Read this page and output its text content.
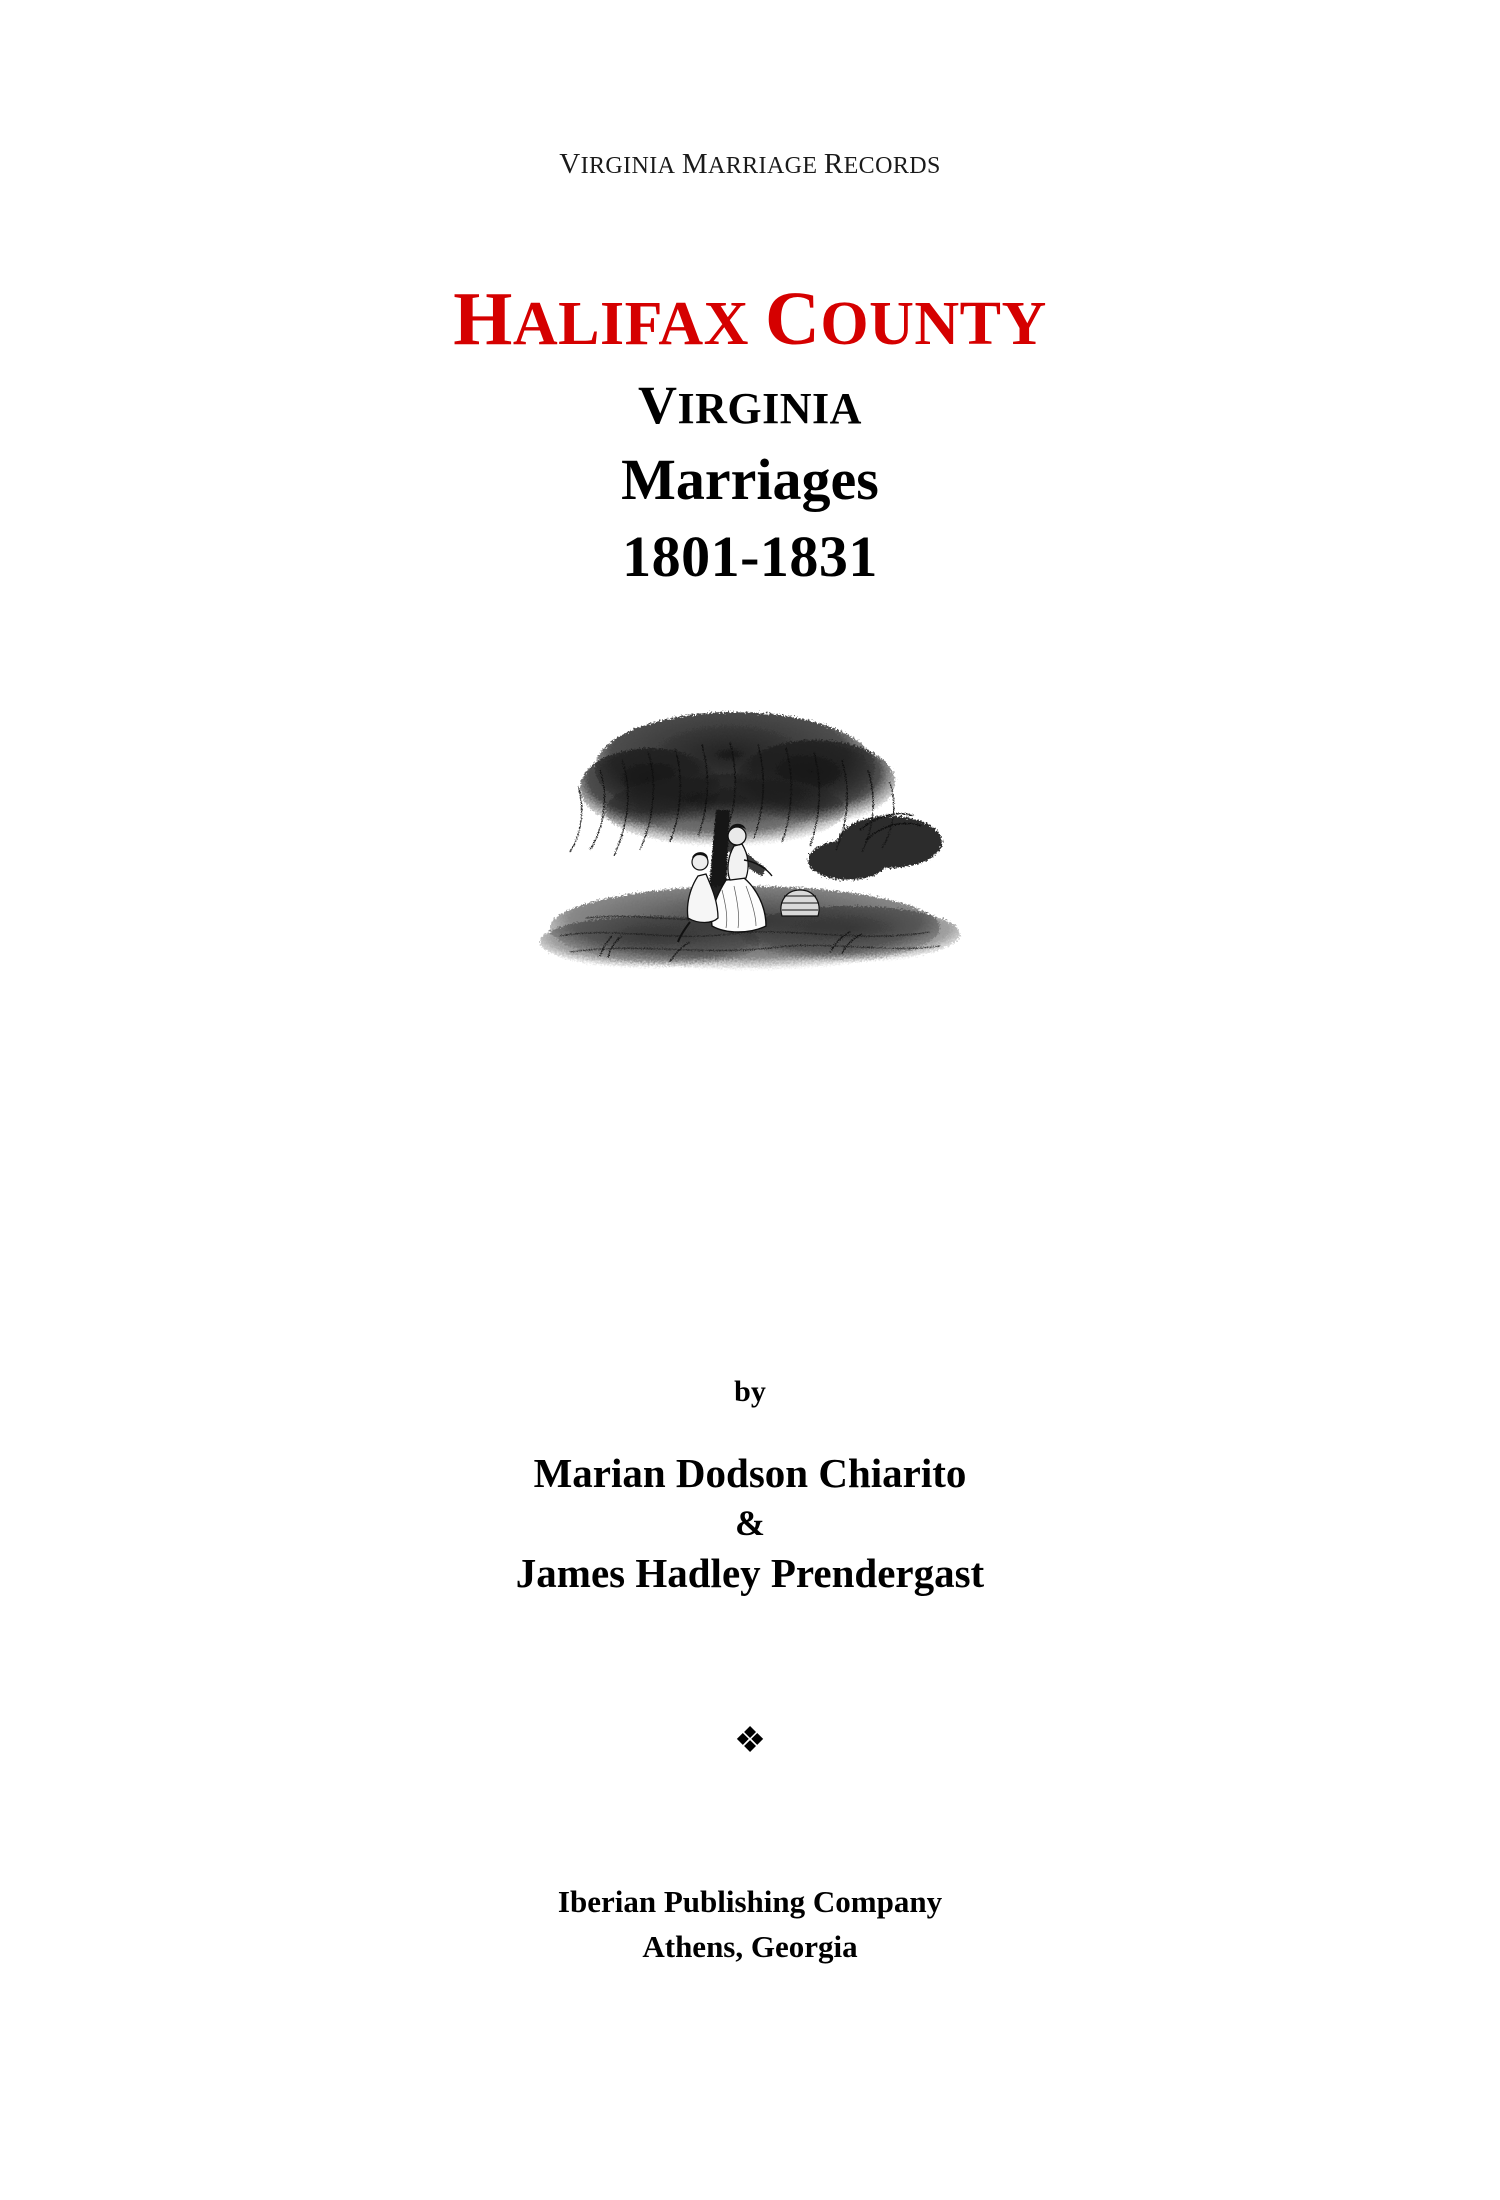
VIRGINIA MARRIAGE RECORDS
HALIFAX COUNTY
VIRGINIA
Marriages
1801-1831
by
Marian Dodson Chiarito
&
James Hadley Prendergast
❖
Iberian Publishing Company
Athens, Georgia
